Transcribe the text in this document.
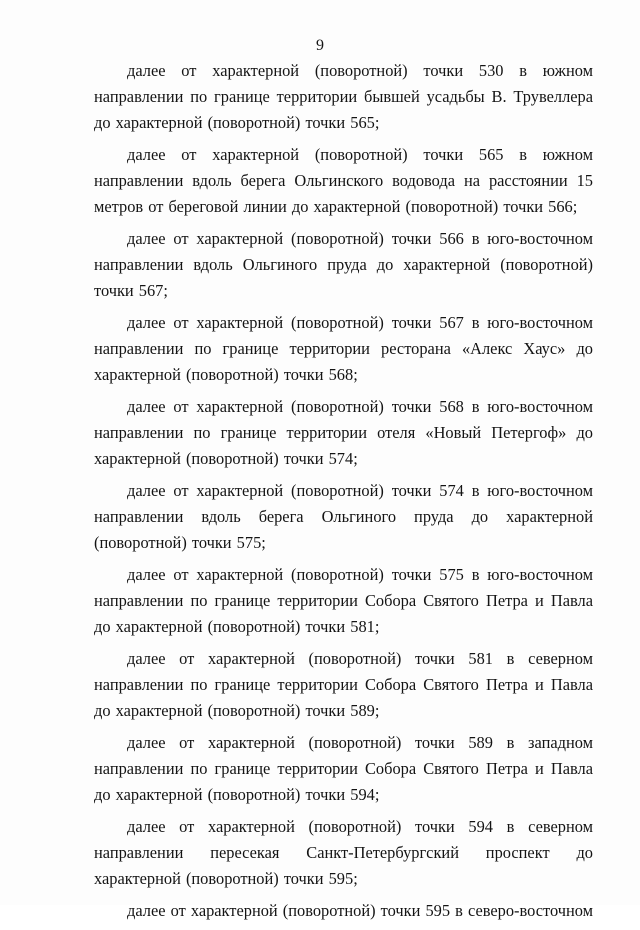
9

далее от характерной (поворотной) точки 530 в южном направлении по границе территории бывшей усадьбы В. Трувеллера до характерной (поворотной) точки 565;

далее от характерной (поворотной) точки 565 в южном направлении вдоль берега Ольгинского водовода на расстоянии 15 метров от береговой линии до характерной (поворотной) точки 566;

далее от характерной (поворотной) точки 566 в юго-восточном направлении вдоль Ольгиного пруда до характерной (поворотной) точки 567;

далее от характерной (поворотной) точки 567 в юго-восточном направлении по границе территории ресторана «Алекс Хаус» до характерной (поворотной) точки 568;

далее от характерной (поворотной) точки 568 в юго-восточном направлении по границе территории отеля «Новый Петергоф» до характерной (поворотной) точки 574;

далее от характерной (поворотной) точки 574 в юго-восточном направлении вдоль берега Ольгиного пруда до характерной (поворотной) точки 575;

далее от характерной (поворотной) точки 575 в юго-восточном направлении по границе территории Собора Святого Петра и Павла до характерной (поворотной) точки 581;

далее от характерной (поворотной) точки 581 в северном направлении по границе территории Собора Святого Петра и Павла до характерной (поворотной) точки 589;

далее от характерной (поворотной) точки 589 в западном направлении по границе территории Собора Святого Петра и Павла до характерной (поворотной) точки 594;

далее от характерной (поворотной) точки 594 в северном направлении пересекая Санкт-Петербургский проспект до характерной (поворотной) точки 595;

далее от характерной (поворотной) точки 595 в северо-восточном
